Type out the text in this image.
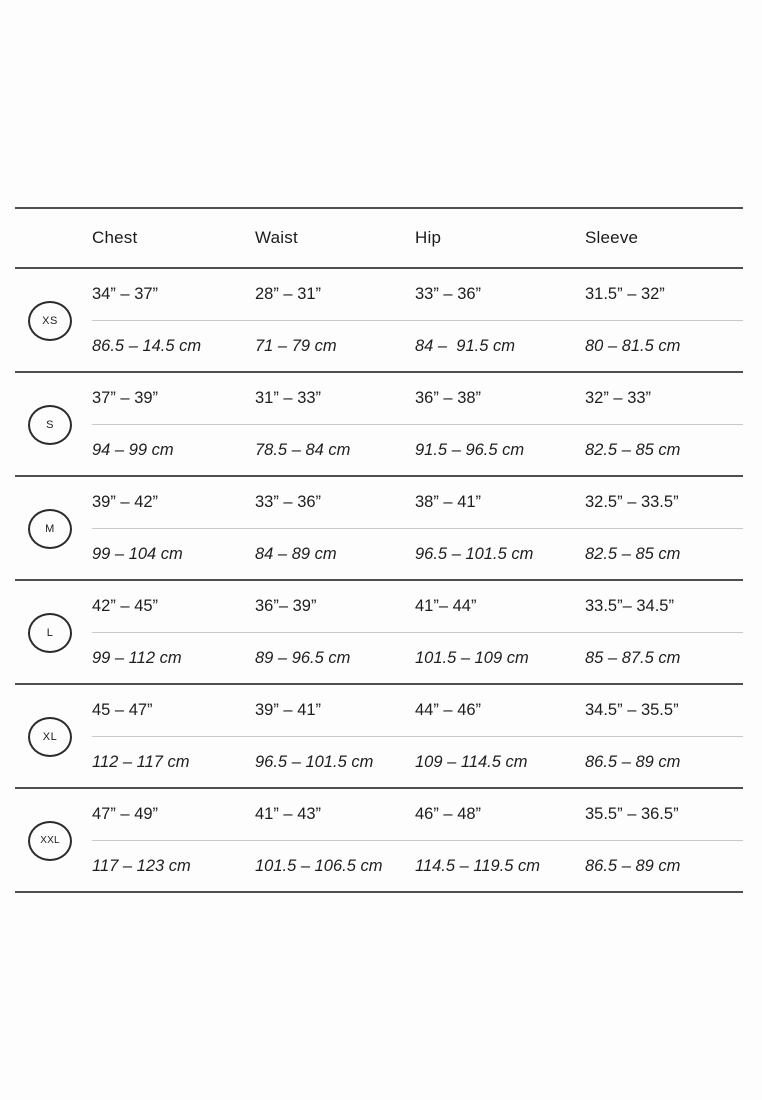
Chest	Waist	Hip	Sleeve
XS
34” – 37”	28” – 31”	33” – 36”	31.5” – 32”
86.5 – 14.5 cm	71 – 79 cm	84 –  91.5 cm	80 – 81.5 cm
S
37” – 39”	31” – 33”	36” – 38”	32” – 33”
94 – 99 cm	78.5 – 84 cm	91.5 – 96.5 cm	82.5 – 85 cm
M
39” – 42”	33” – 36”	38” – 41”	32.5” – 33.5”
99 – 104 cm	84 – 89 cm	96.5 – 101.5 cm	82.5 – 85 cm
L
42” – 45”	36”– 39”	41”– 44”	33.5”– 34.5”
99 – 112 cm	89 – 96.5 cm	101.5 – 109 cm	85 – 87.5 cm
XL
45 – 47”	39” – 41”	44” – 46”	34.5” – 35.5”
112 – 117 cm	96.5 – 101.5 cm	109 – 114.5 cm	86.5 – 89 cm
XXL
47” – 49”	41” – 43”	46” – 48”	35.5” – 36.5”
117 – 123 cm	101.5 – 106.5 cm	114.5 – 119.5 cm	86.5 – 89 cm
